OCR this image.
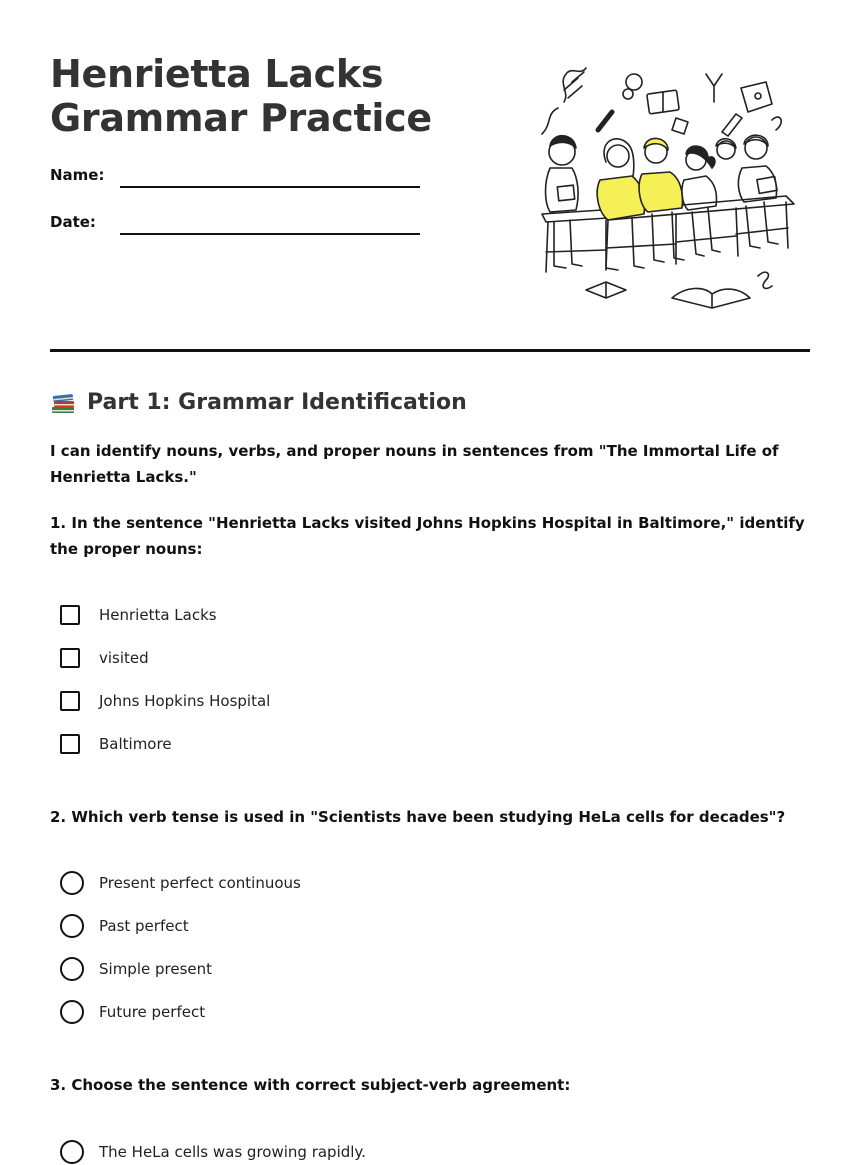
Henrietta Lacks
Grammar Practice
Name:
Date:
Part 1: Grammar Identification

I can identify nouns, verbs, and proper nouns in sentences from "The Immortal Life of Henrietta Lacks."

1. In the sentence "Henrietta Lacks visited Johns Hopkins Hospital in Baltimore," identify the proper nouns:

Henrietta Lacks
visited
Johns Hopkins Hospital
Baltimore

2. Which verb tense is used in "Scientists have been studying HeLa cells for decades"?

Present perfect continuous
Past perfect
Simple present
Future perfect

3. Choose the sentence with correct subject-verb agreement:

The HeLa cells was growing rapidly.
